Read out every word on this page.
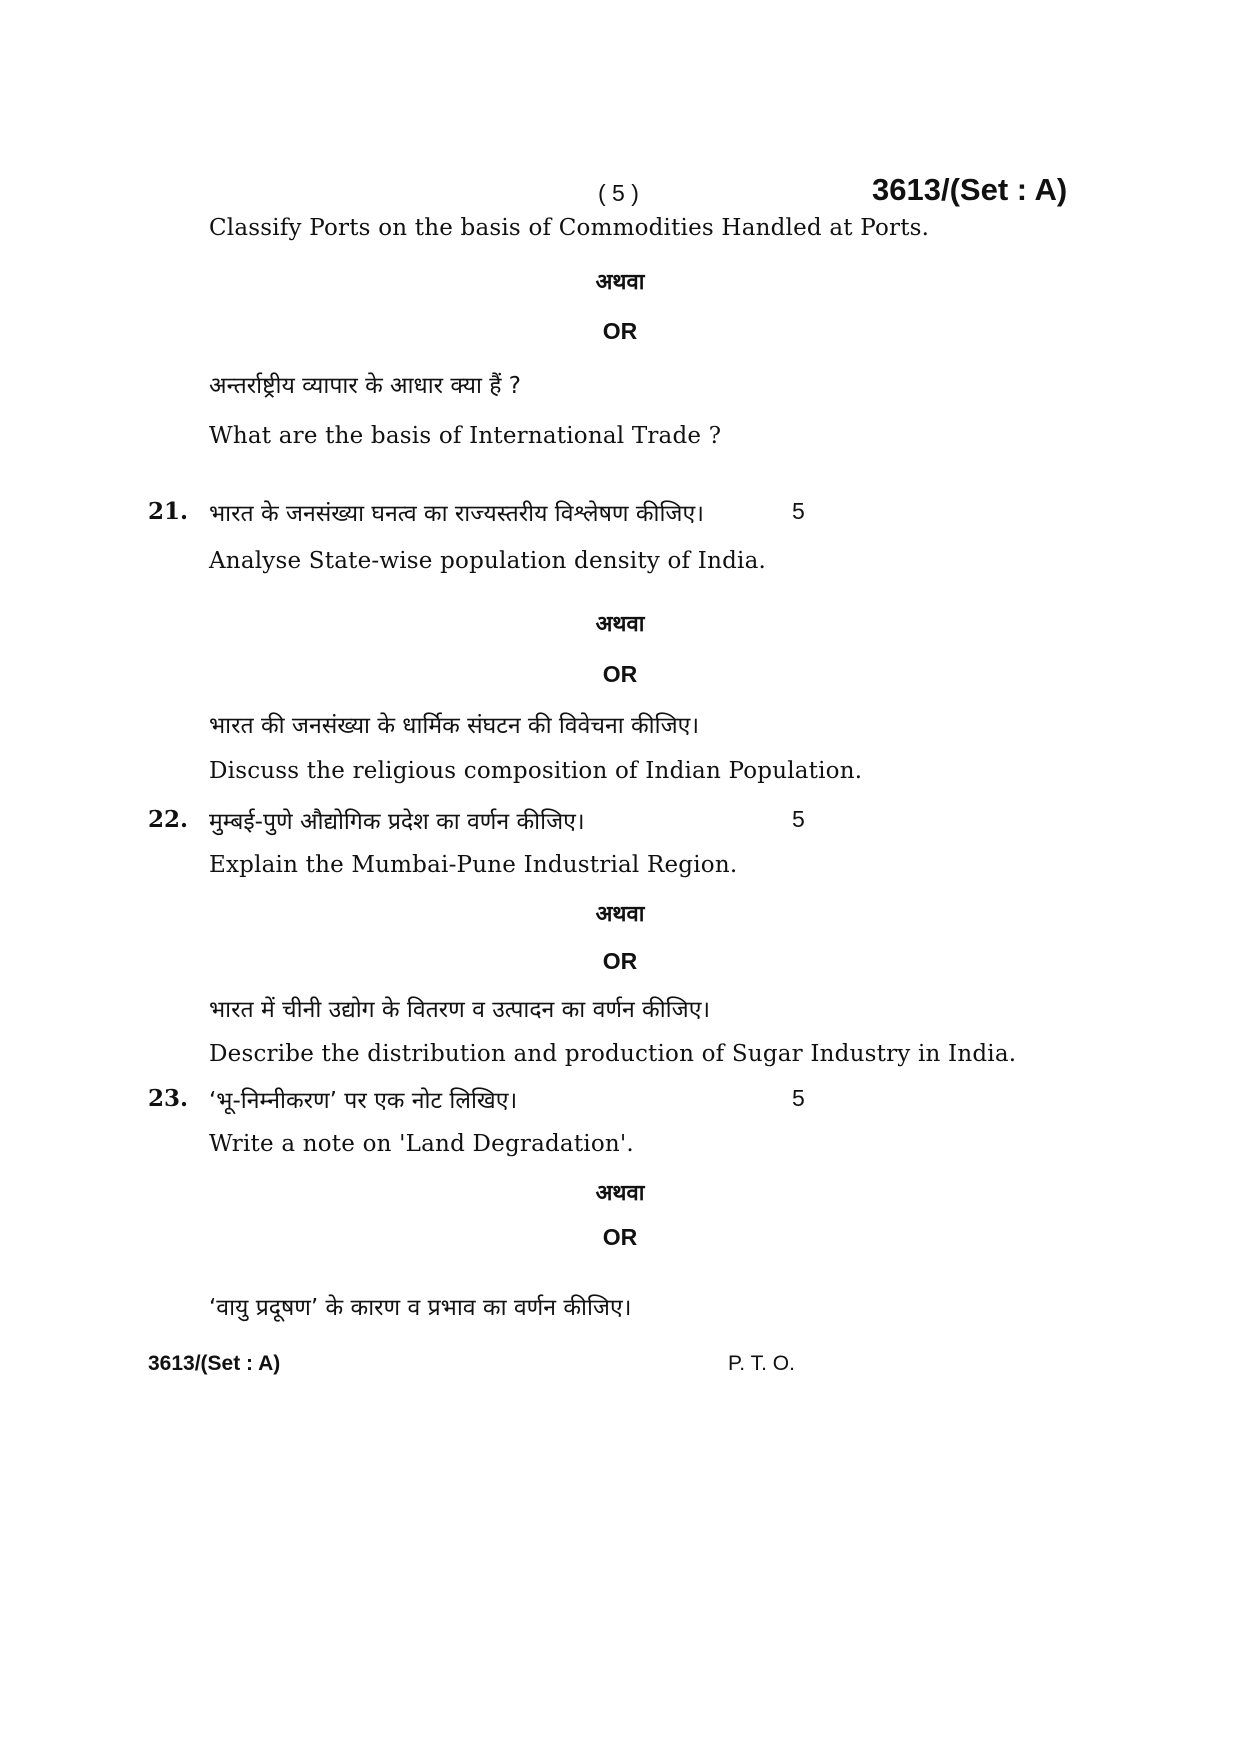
( 5 )	3613/(Set : A)
Classify Ports on the basis of Commodities Handled at Ports.
अथवा
OR
अन्तर्राष्ट्रीय व्यापार के आधार क्या हैं ?
What are the basis of International Trade ?
21. भारत के जनसंख्या घनत्व का राज्यस्तरीय विश्लेषण कीजिए।	5
Analyse State-wise population density of India.
अथवा
OR
भारत की जनसंख्या के धार्मिक संघटन की विवेचना कीजिए।
Discuss the religious composition of Indian Population.
22. मुम्बई-पुणे औद्योगिक प्रदेश का वर्णन कीजिए।	5
Explain the Mumbai-Pune Industrial Region.
अथवा
OR
भारत में चीनी उद्योग के वितरण व उत्पादन का वर्णन कीजिए।
Describe the distribution and production of Sugar Industry in India.
23. ‘भू-निम्नीकरण’ पर एक नोट लिखिए।	5
Write a note on 'Land Degradation'.
अथवा
OR
‘वायु प्रदूषण’ के कारण व प्रभाव का वर्णन कीजिए।
3613/(Set : A)	P. T. O.
